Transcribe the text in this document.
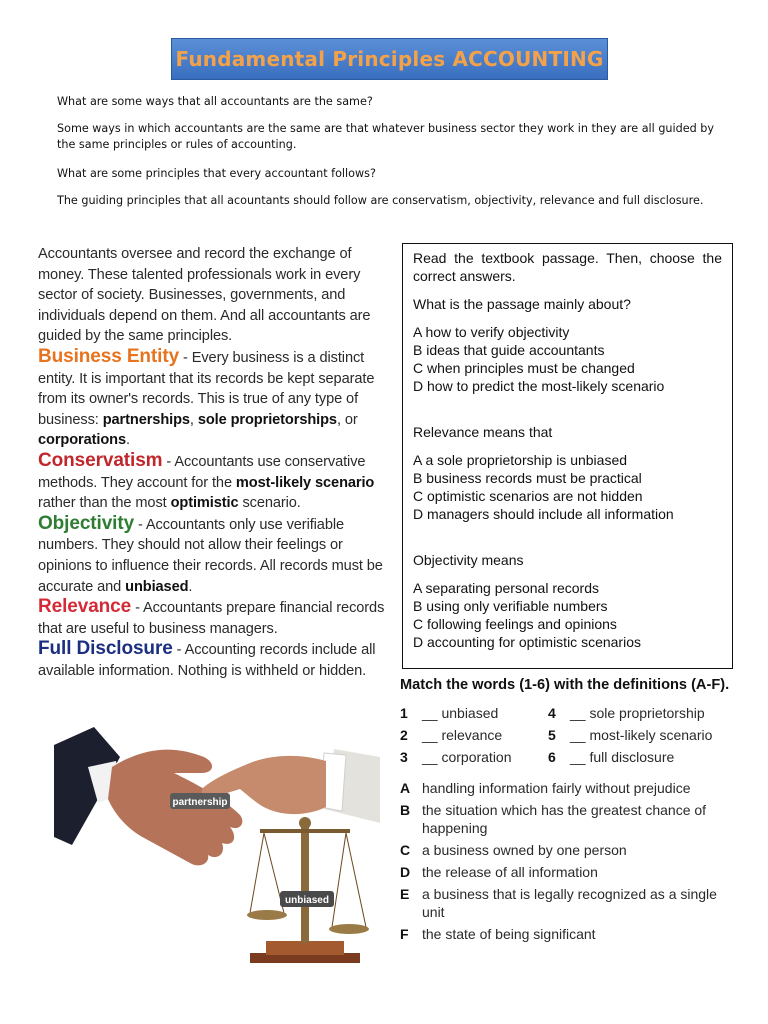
Fundamental Principles ACCOUNTING
What are some ways that all accountants are the same?
Some ways in which accountants are the same are that whatever business sector they work in they are all guided by the same principles or rules of accounting.
What are some principles that every accountant follows?
The guiding principles that all acountants should follow are conservatism, objectivity, relevance and full disclosure.

Accountants oversee and record the exchange of money. These talented professionals work in every sector of society. Businesses, governments, and individuals depend on them. And all accountants are guided by the same principles.

Business Entity - Every business is a distinct entity. It is important that its records be kept separate from its owner's records. This is true of any type of business: partnerships, sole proprietorships, or corporations.

Conservatism - Accountants use conservative methods. They account for the most-likely scenario rather than the most optimistic scenario.

Objectivity - Accountants only use verifiable numbers. They should not allow their feelings or opinions to influence their records. All records must be accurate and unbiased.

Relevance - Accountants prepare financial records that are useful to business managers.

Full Disclosure - Accounting records include all available information. Nothing is withheld or hidden.

Read the textbook passage. Then, choose the correct answers.

What is the passage mainly about?

A how to verify objectivity
B ideas that guide accountants
C when principles must be changed
D how to predict the most-likely scenario

Relevance means that

A a sole proprietorship is unbiased
B business records must be practical
C optimistic scenarios are not hidden
D managers should include all information

Objectivity means

A separating personal records
B using only verifiable numbers
C following feelings and opinions
D accounting for optimistic scenarios
Match the words (1-6) with the definitions (A-F).
1	__ unbiased	4	__ sole proprietorship
2	__ relevance	5	__ most-likely scenario
3	__ corporation	6	__ full disclosure
A handling information fairly without prejudice
B the situation which has the greatest chance of happening
C a business owned by one person
D the release of all information
E a business that is legally recognized as a single unit
F the state of being significant
partnership
unbiased
